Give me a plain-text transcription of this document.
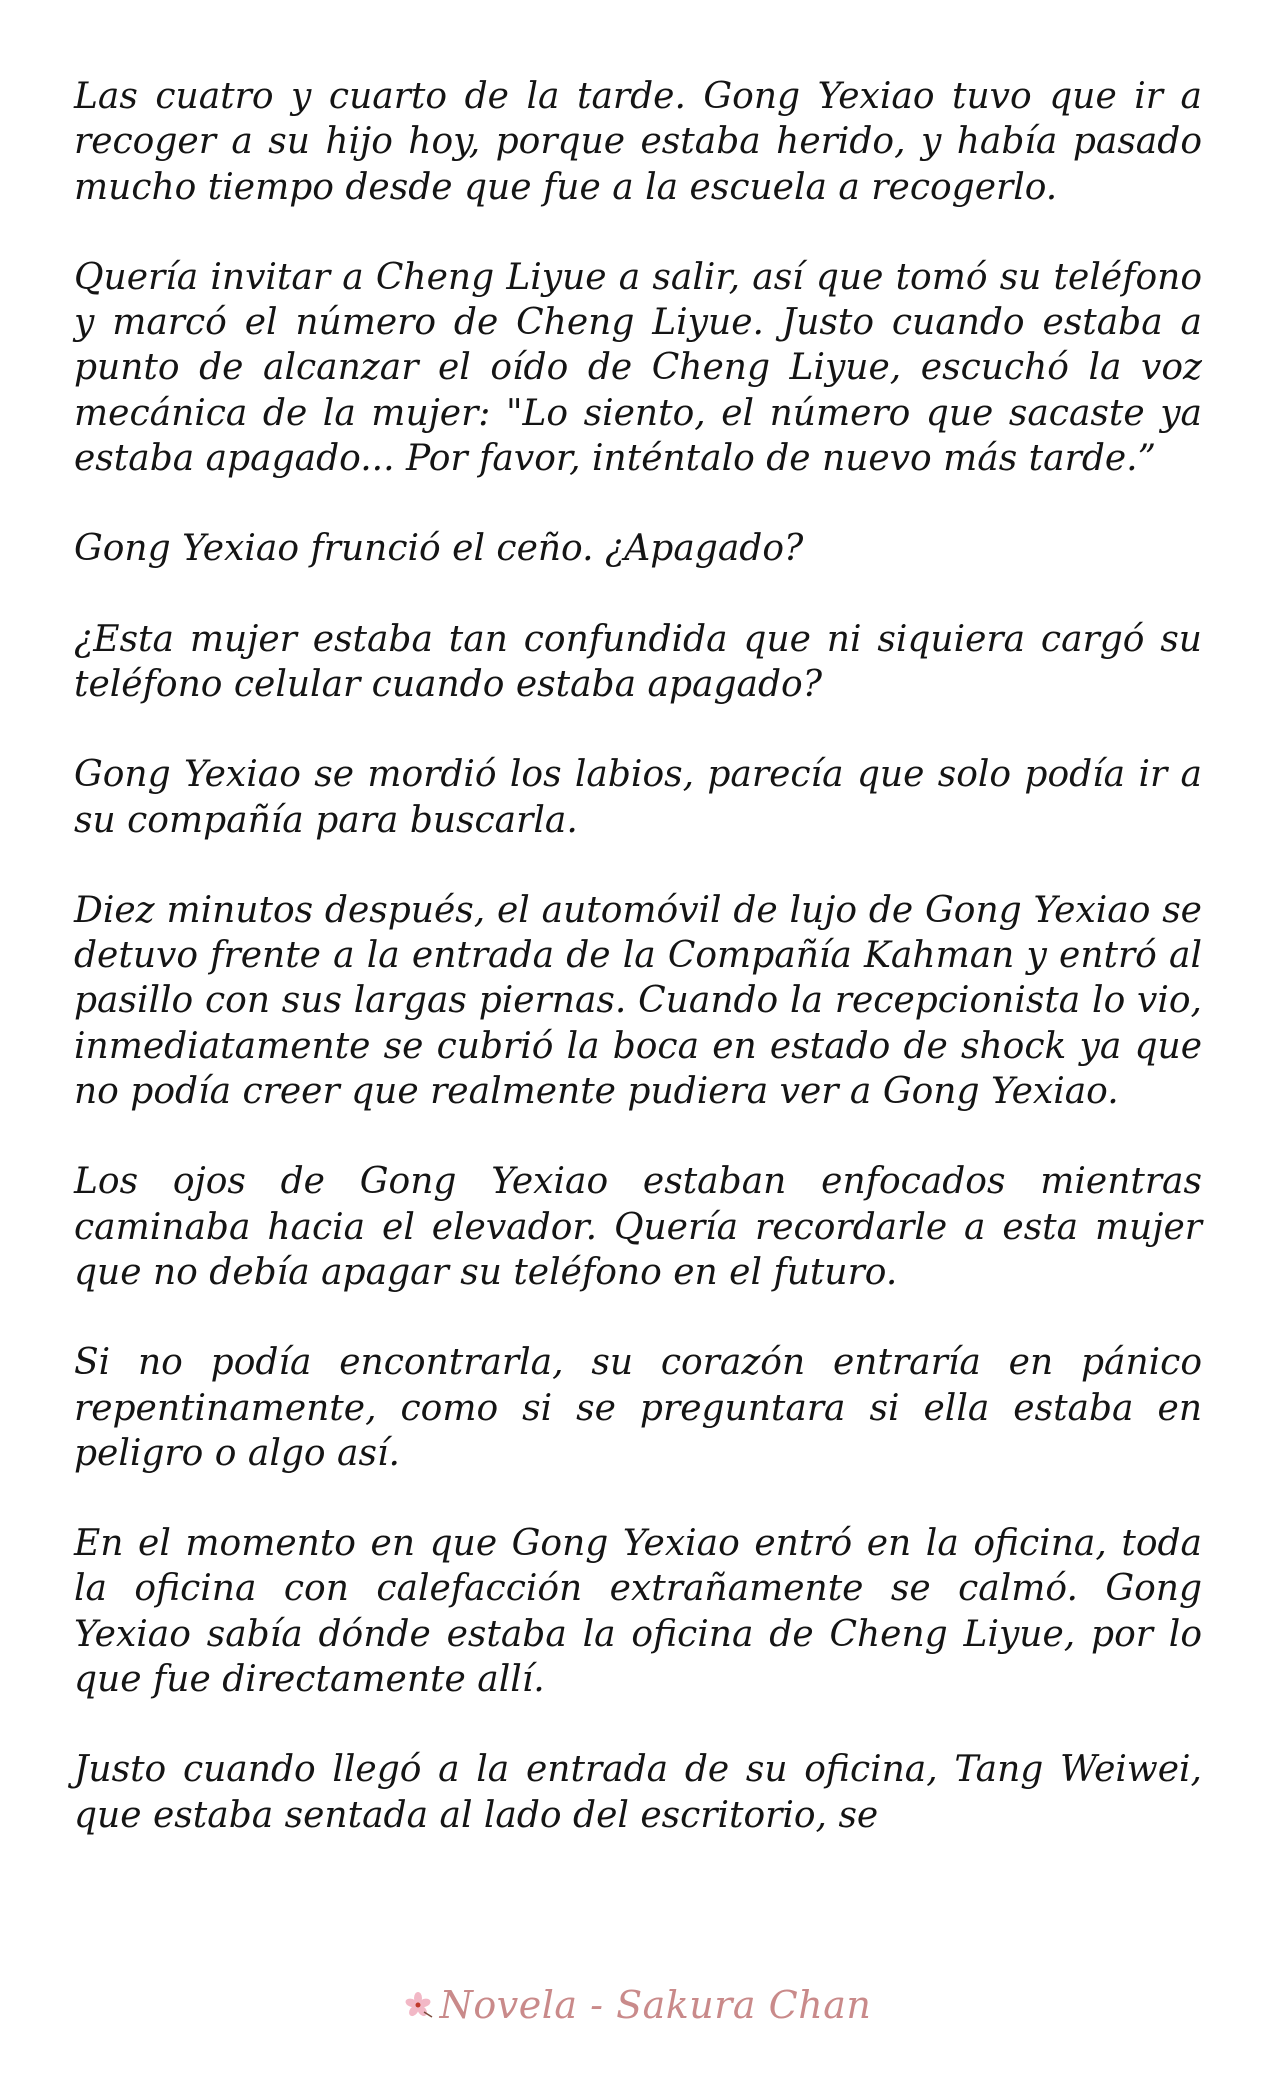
Las cuatro y cuarto de la tarde. Gong Yexiao tuvo que ir a recoger a su hijo hoy, porque estaba herido, y había pasado mucho tiempo desde que fue a la escuela a recogerlo.

Quería invitar a Cheng Liyue a salir, así que tomó su teléfono y marcó el número de Cheng Liyue. Justo cuando estaba a punto de alcanzar el oído de Cheng Liyue, escuchó la voz mecánica de la mujer: "Lo siento, el número que sacaste ya estaba apagado... Por favor, inténtalo de nuevo más tarde.”

Gong Yexiao frunció el ceño. ¿Apagado?

¿Esta mujer estaba tan confundida que ni siquiera cargó su teléfono celular cuando estaba apagado?

Gong Yexiao se mordió los labios, parecía que solo podía ir a su compañía para buscarla.

Diez minutos después, el automóvil de lujo de Gong Yexiao se detuvo frente a la entrada de la Compañía Kahman y entró al pasillo con sus largas piernas. Cuando la recepcionista lo vio, inmediatamente se cubrió la boca en estado de shock ya que no podía creer que realmente pudiera ver a Gong Yexiao.

Los ojos de Gong Yexiao estaban enfocados mientras caminaba hacia el elevador. Quería recordarle a esta mujer que no debía apagar su teléfono en el futuro.

Si no podía encontrarla, su corazón entraría en pánico repentinamente, como si se preguntara si ella estaba en peligro o algo así.

En el momento en que Gong Yexiao entró en la oficina, toda la oficina con calefacción extrañamente se calmó. Gong Yexiao sabía dónde estaba la oficina de Cheng Liyue, por lo que fue directamente allí.

Justo cuando llegó a la entrada de su oficina, Tang Weiwei, que estaba sentada al lado del escritorio, se

Novela - Sakura Chan
